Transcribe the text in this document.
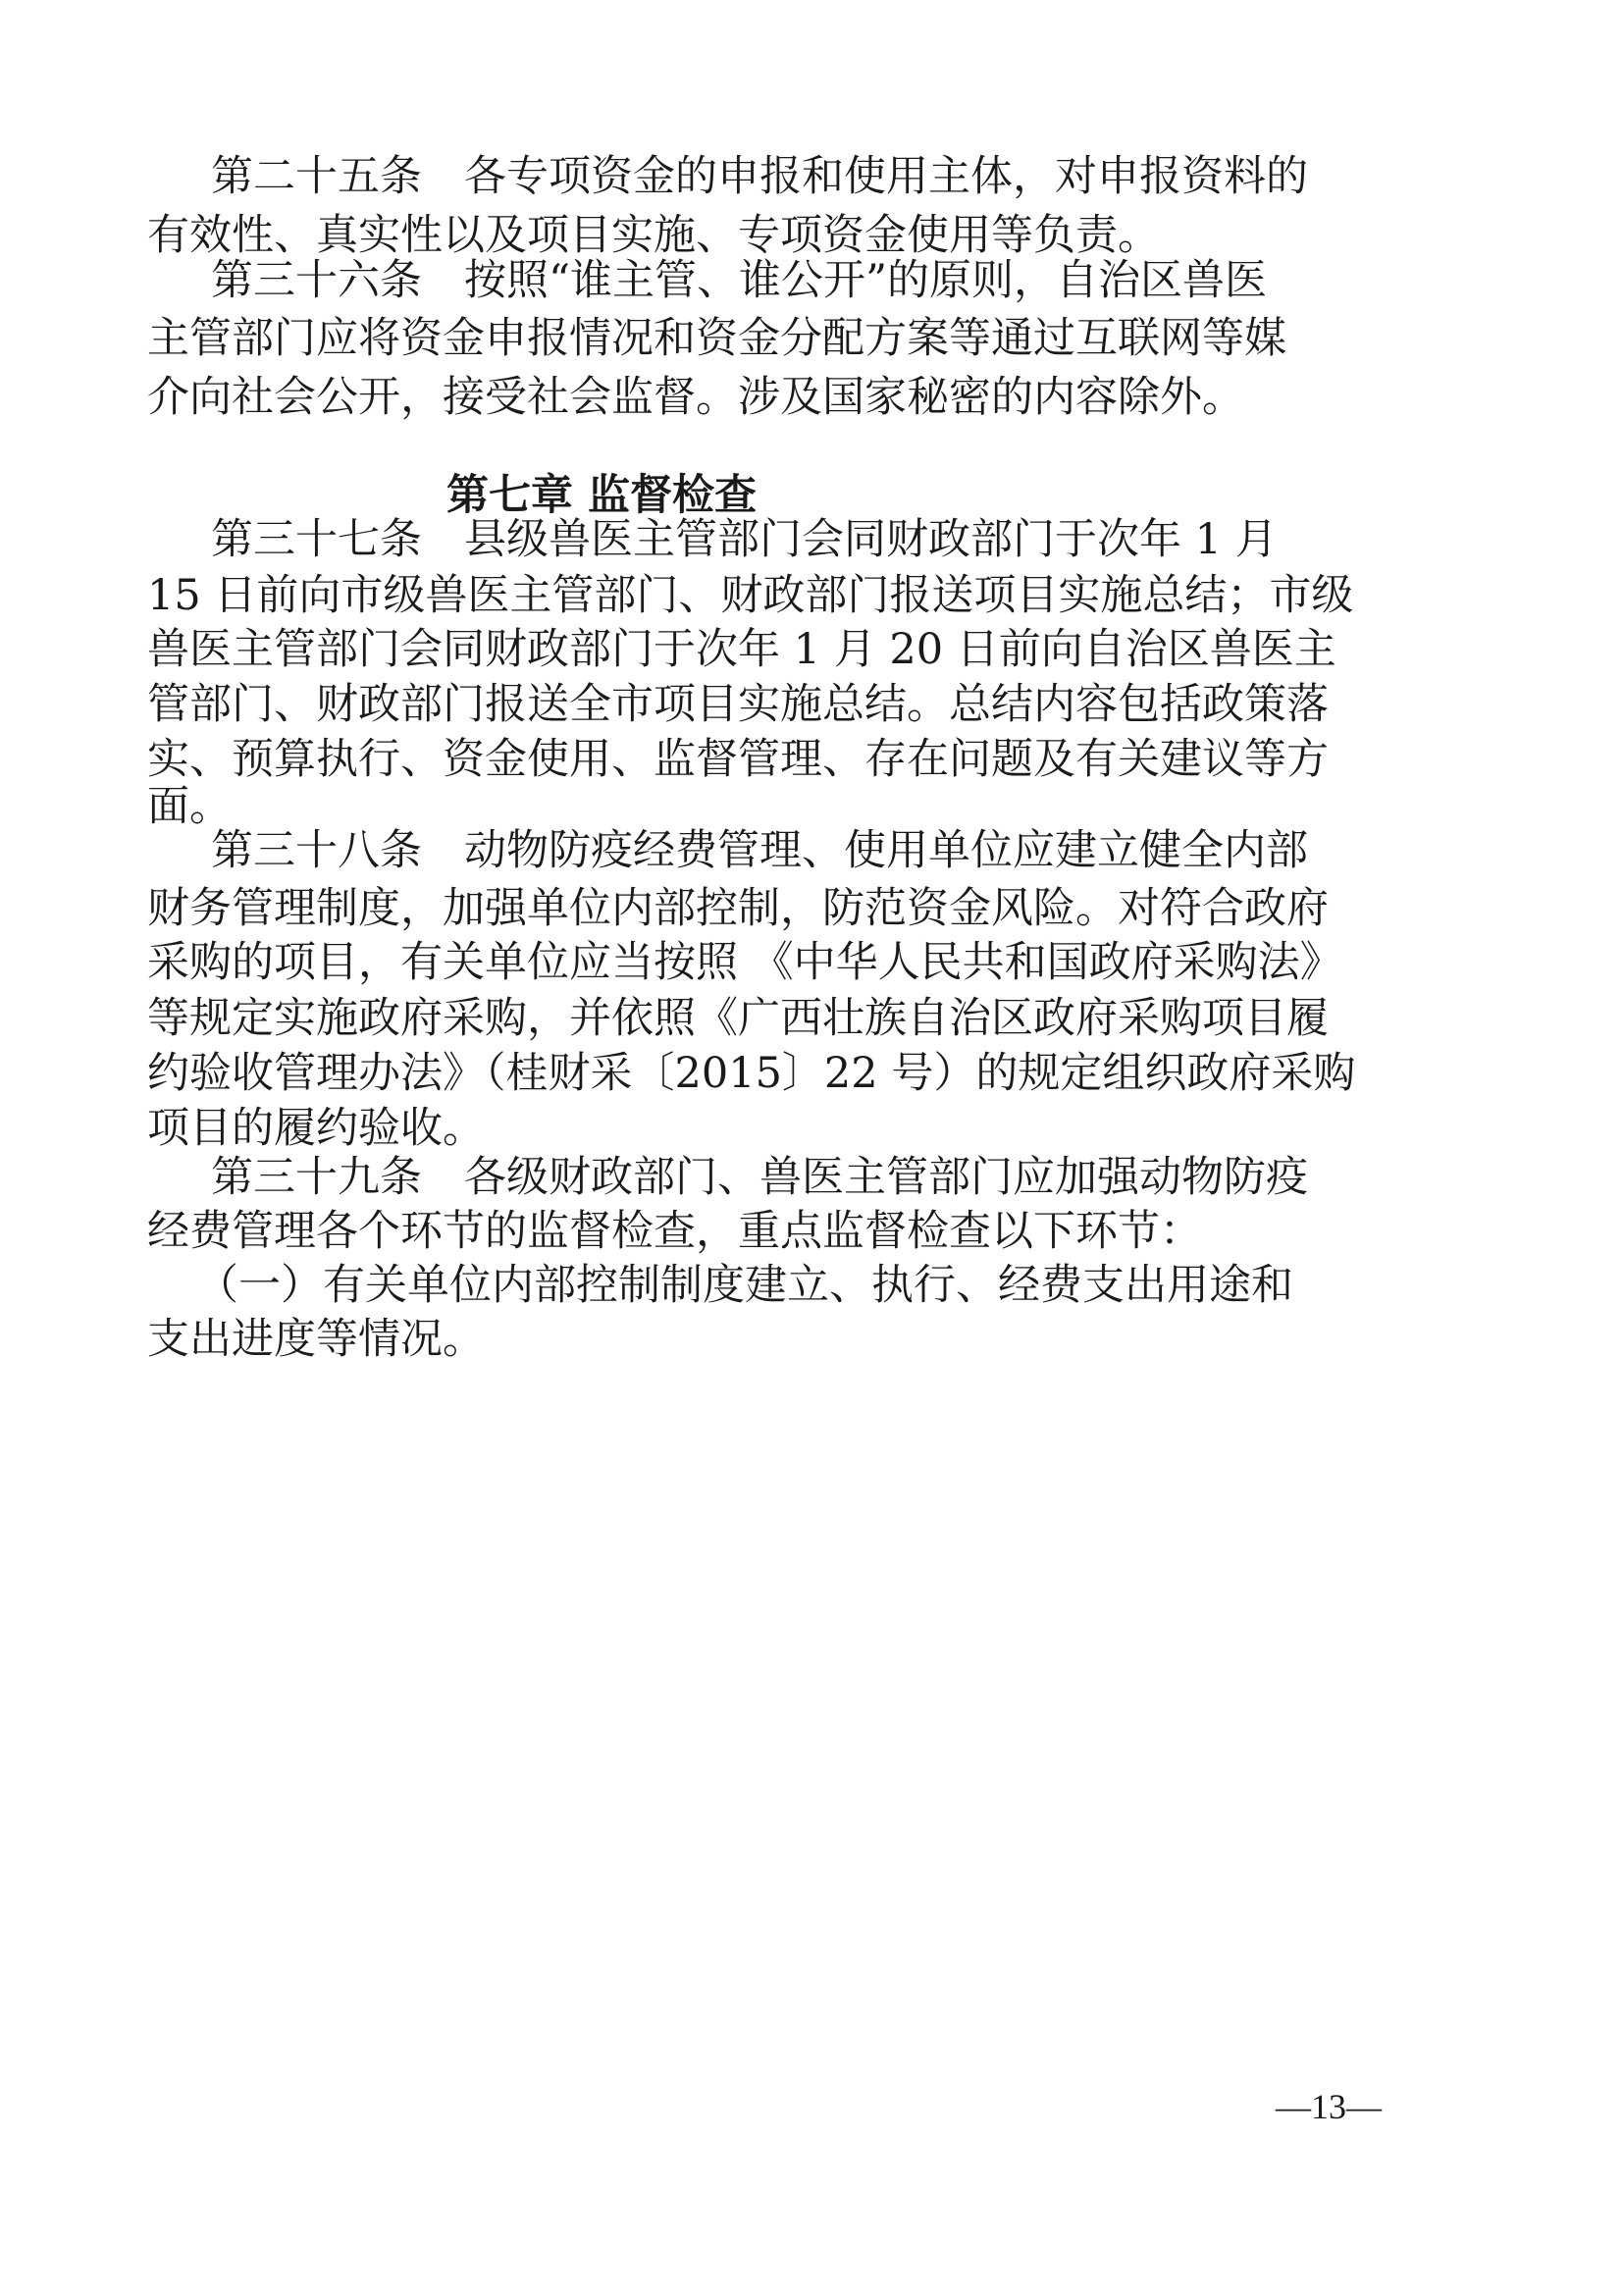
第二十五条　各专项资金的申报和使用主体，对申报资料的
有效性、真实性以及项目实施、专项资金使用等负责。
第三十六条　按照“谁主管、谁公开”的原则，自治区兽医
主管部门应将资金申报情况和资金分配方案等通过互联网等媒
介向社会公开，接受社会监督。涉及国家秘密的内容除外。
第七章 监督检查
第三十七条　县级兽医主管部门会同财政部门于次年 1 月
15 日前向市级兽医主管部门、财政部门报送项目实施总结；市级
兽医主管部门会同财政部门于次年 1 月 20 日前向自治区兽医主
管部门、财政部门报送全市项目实施总结。总结内容包括政策落
实、预算执行、资金使用、监督管理、存在问题及有关建议等方
面。
第三十八条　动物防疫经费管理、使用单位应建立健全内部
财务管理制度，加强单位内部控制，防范资金风险。对符合政府
采购的项目，有关单位应当按照 《中华人民共和国政府采购法》
等规定实施政府采购，并依照《广西壮族自治区政府采购项目履
约验收管理办法》（桂财采〔2015〕22 号）的规定组织政府采购
项目的履约验收。
第三十九条　各级财政部门、兽医主管部门应加强动物防疫
经费管理各个环节的监督检查，重点监督检查以下环节：
（一）有关单位内部控制制度建立、执行、经费支出用途和
支出进度等情况。
—13—
